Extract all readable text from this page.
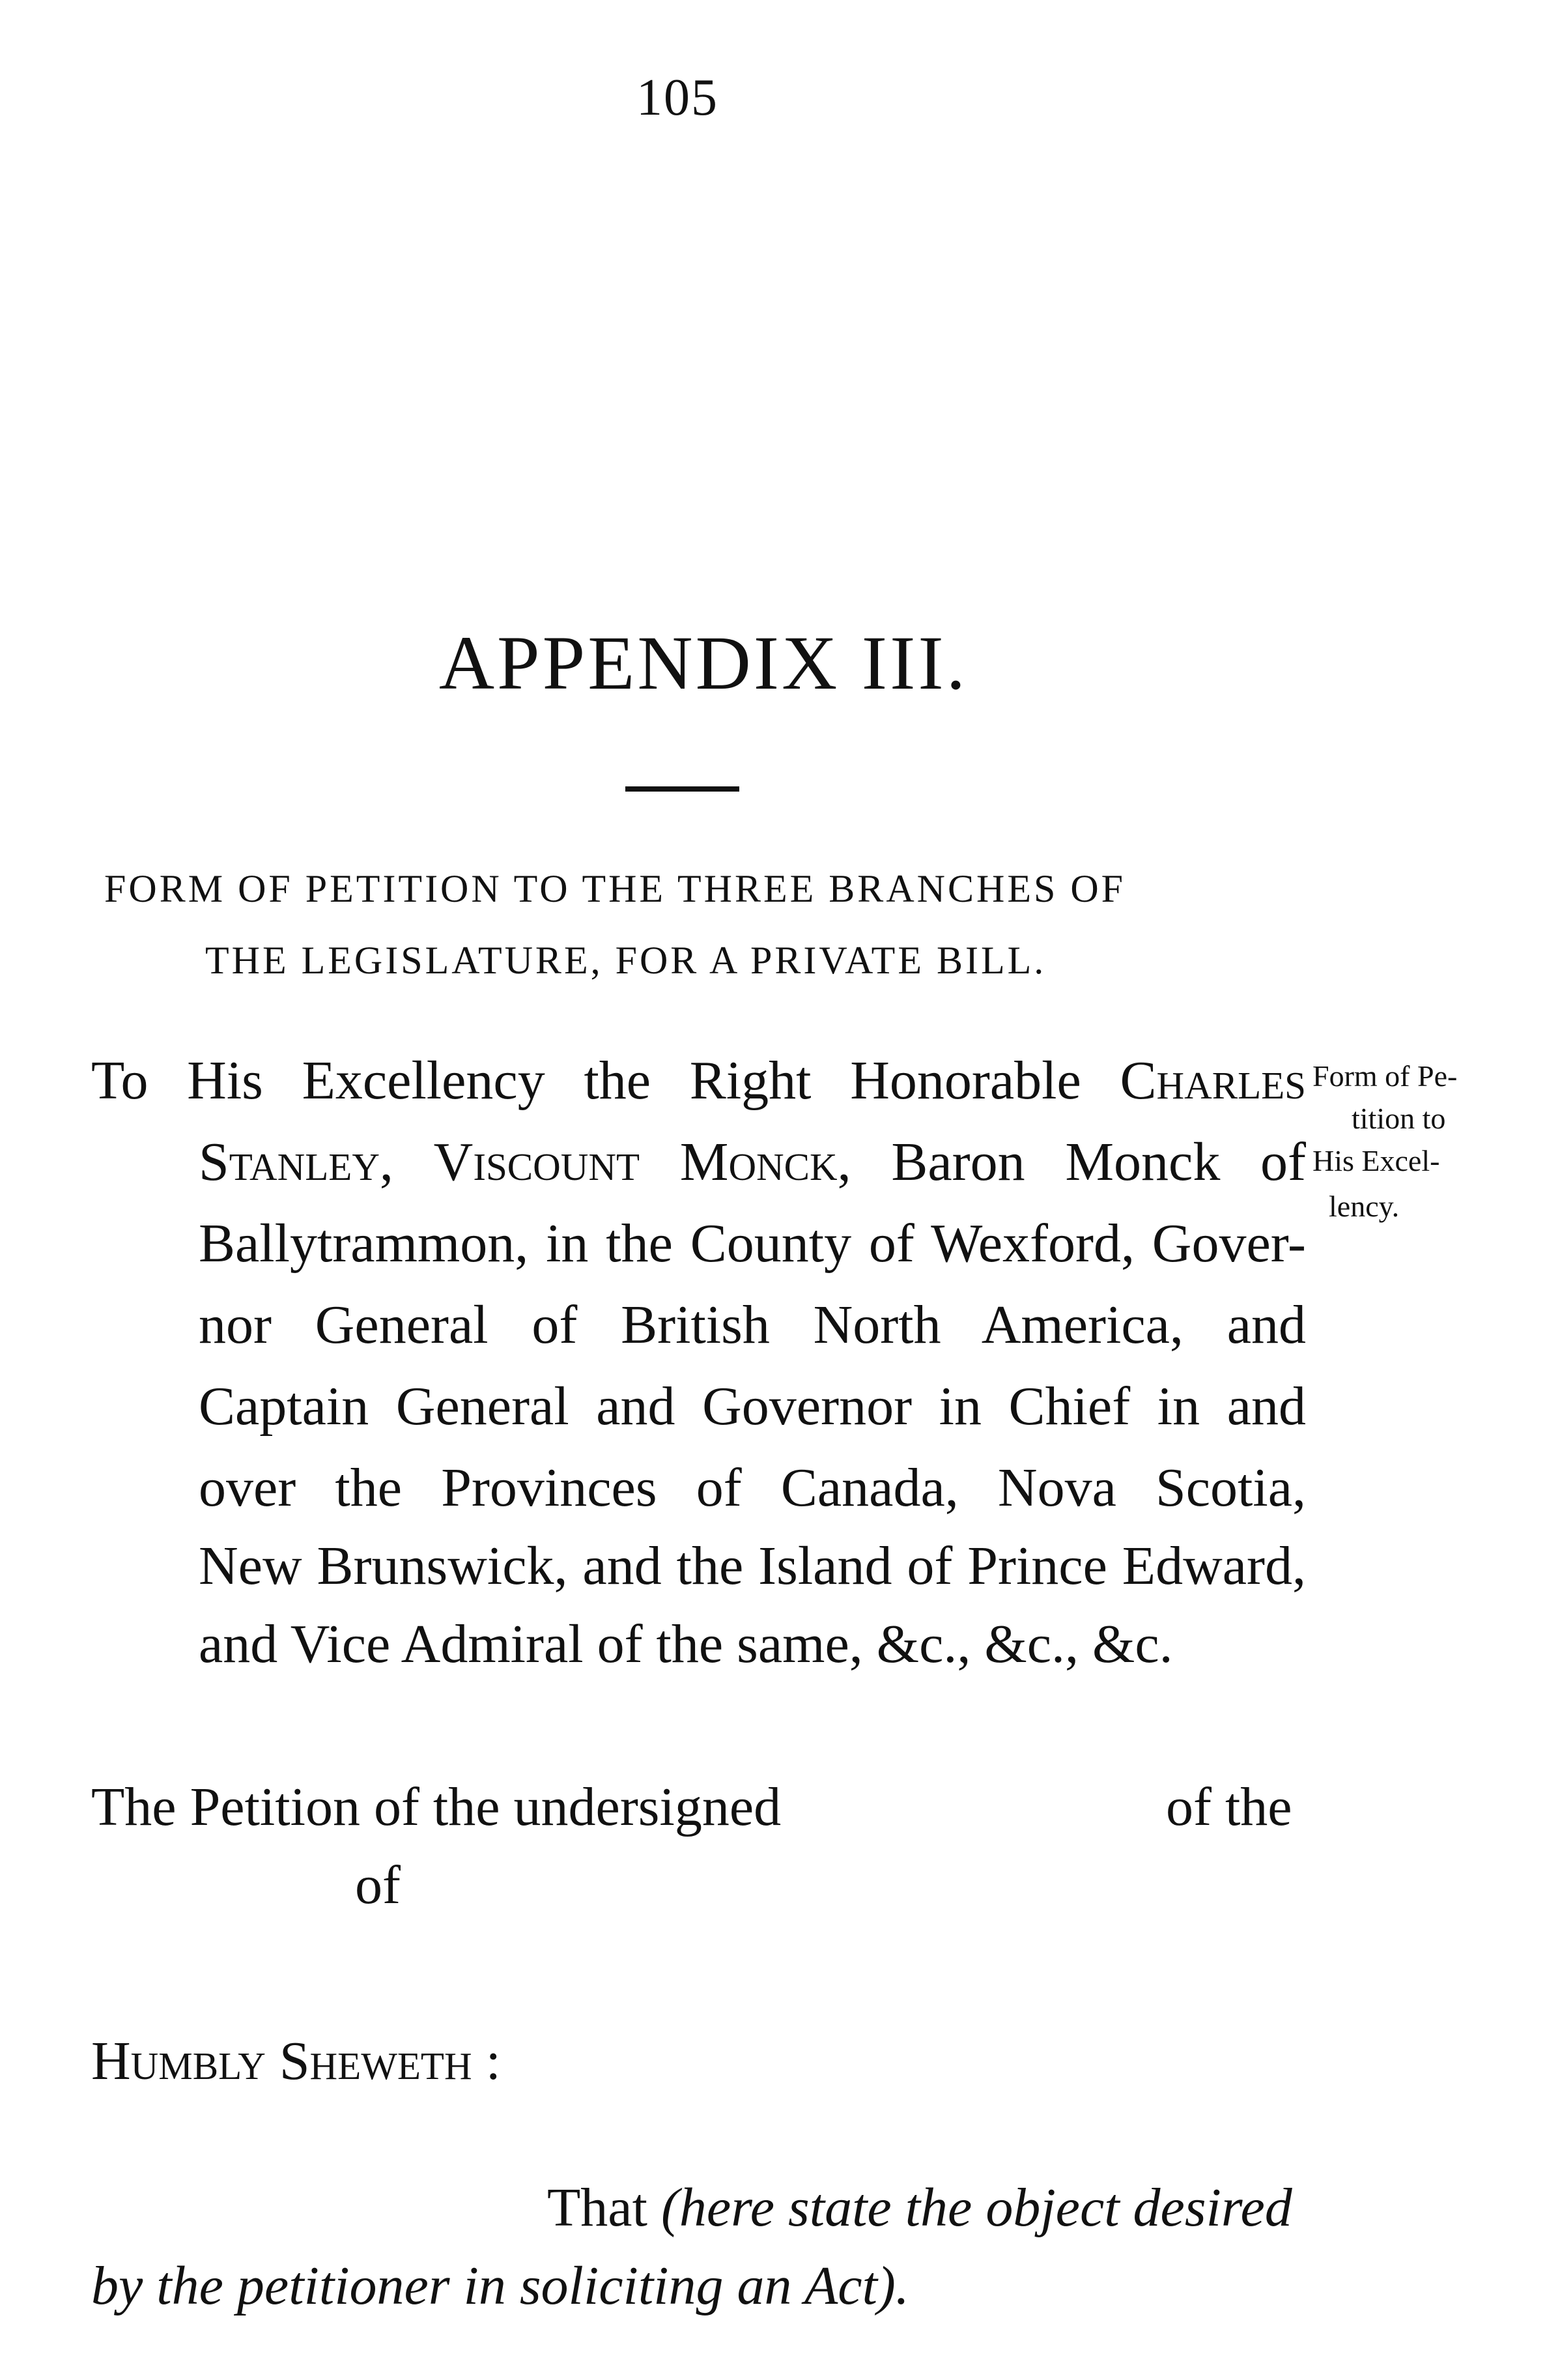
105
APPENDIX III.
FORM OF PETITION TO THE THREE BRANCHES OF
THE LEGISLATURE, FOR A PRIVATE BILL.
To His Excellency the Right Honorable Charles
Stanley, Viscount Monck, Baron Monck of
Ballytrammon, in the County of Wexford, Gover-
nor General of British North America, and
Captain General and Governor in Chief in and
over the Provinces of Canada, Nova Scotia,
New Brunswick, and the Island of Prince Edward,
and Vice Admiral of the same, &c., &c., &c.
Form of Pe-
tition to
His Excel-
lency.
The Petition of the undersigned	of the
of
Humbly Sheweth :
That (here state the object desired
by the petitioner in soliciting an Act).
